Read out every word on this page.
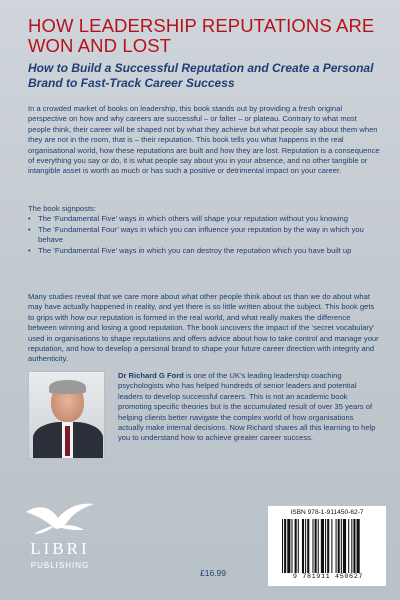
HOW LEADERSHIP REPUTATIONS ARE WON AND LOST
How to Build a Successful Reputation and Create a Personal Brand to Fast-Track Career Success

In a crowded market of books on leadership, this book stands out by providing a fresh original perspective on how and why careers are successful – or falter – or plateau. Contrary to what most people think, their career will be shaped not by what they achieve but what people say about them when they are not in the room, that is – their reputation. This book tells you what happens in the real organisational world, how these reputations are built and how they are lost. Reputation is a consequence of everything you say or do, it is what people say about you in your absence, and no other tangible or intangible asset is worth as much or has such a positive or detrimental impact on your career.

The book signposts:

• The ‘Fundamental Five’ ways in which others will shape your reputation without you knowing
• The ‘Fundamental Four’ ways in which you can influence your reputation by the way in which you behave
• The ‘Fundamental Five’ ways in which you can destroy the reputation which you have built up

Many studies reveal that we care more about what other people think about us than we do about what may have actually happened in reality, and yet there is so little written about the subject. This book gets to grips with how our reputation is formed in the real world, and what really makes the difference between winning and losing a good reputation. The book uncovers the impact of the ‘secret vocabulary’ used in organisations to shape reputations and offers advice about how to take control and manage your reputation, and how to develop a personal brand to shape your future career direction with integrity and authenticity.

Dr Richard G Ford is one of the UK’s leading leadership coaching psychologists who has helped hundreds of senior leaders and potential leaders to develop successful careers. This is not an academic book promoting specific theories but is the accumulated result of over 35 years of helping clients better navigate the complex world of how organisations actually make internal decisions. Now Richard shares all this learning to help you to understand how to achieve greater career success.

LIBRI
PUBLISHING
£16.99
ISBN 978-1-911450-62-7
9 781911 450627
